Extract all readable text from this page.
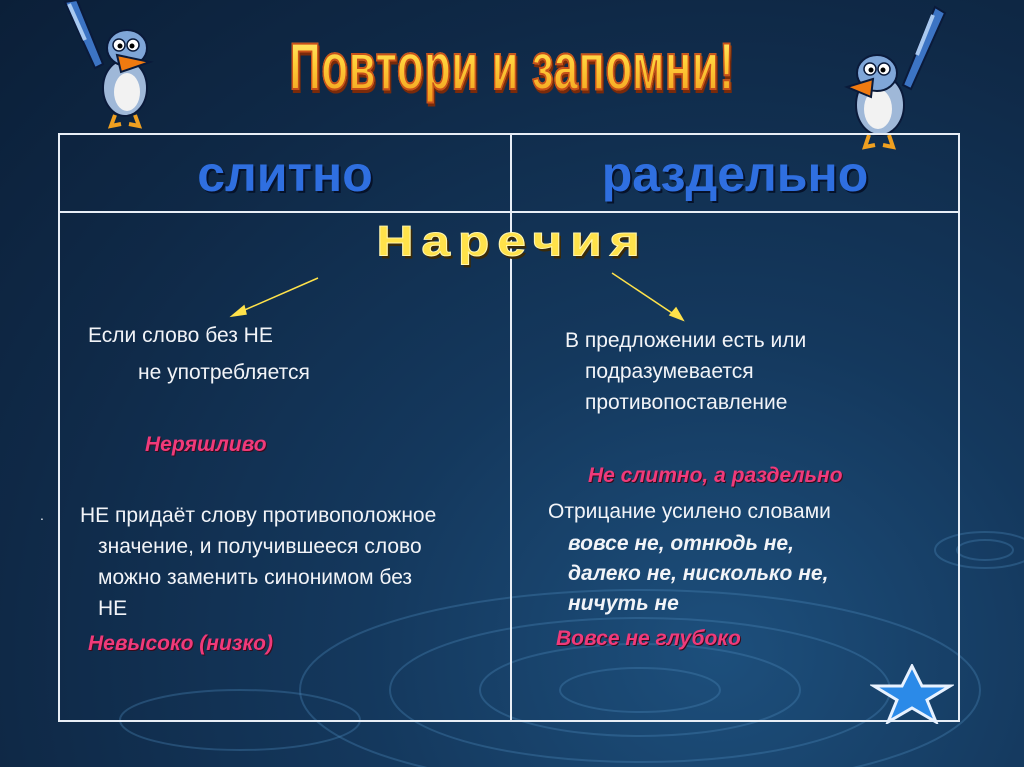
Повтори и запомни!
слитно	раздельно
Наречия
Если слово без НЕ
не употребляется
Неряшливо
. НЕ придаёт слову противоположное
значение, и получившееся слово
можно заменить синонимом без
НЕ
Невысоко (низко)
В предложении есть или
подразумевается
противопоставление
Не слитно, а раздельно
Отрицание усилено словами
вовсе не, отнюдь не,
далеко не, нисколько не,
ничуть не
Вовсе не глубоко
